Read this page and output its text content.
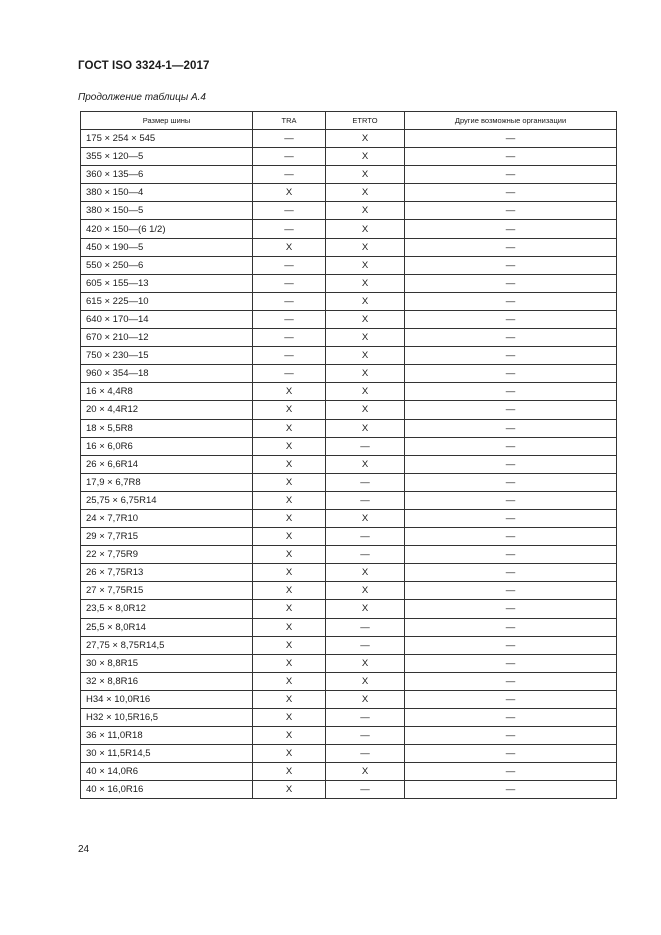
ГОСТ ISO 3324-1—2017
Продолжение таблицы А.4
Размер шины	TRA	ETRTO	Другие возможные организации
175 × 254 × 545	—	X	—
355 × 120—5	—	X	—
360 × 135—6	—	X	—
380 × 150—4	X	X	—
380 × 150—5	—	X	—
420 × 150—(6 1/2)	—	X	—
450 × 190—5	X	X	—
550 × 250—6	—	X	—
605 × 155—13	—	X	—
615 × 225—10	—	X	—
640 × 170—14	—	X	—
670 × 210—12	—	X	—
750 × 230—15	—	X	—
960 × 354—18	—	X	—
16 × 4,4R8	X	X	—
20 × 4,4R12	X	X	—
18 × 5,5R8	X	X	—
16 × 6,0R6	X	—	—
26 × 6,6R14	X	X	—
17,9 × 6,7R8	X	—	—
25,75 × 6,75R14	X	—	—
24 × 7,7R10	X	X	—
29 × 7,7R15	X	—	—
22 × 7,75R9	X	—	—
26 × 7,75R13	X	X	—
27 × 7,75R15	X	X	—
23,5 × 8,0R12	X	X	—
25,5 × 8,0R14	X	—	—
27,75 × 8,75R14,5	X	—	—
30 × 8,8R15	X	X	—
32 × 8,8R16	X	X	—
H34 × 10,0R16	X	X	—
H32 × 10,5R16,5	X	—	—
36 × 11,0R18	X	—	—
30 × 11,5R14,5	X	—	—
40 × 14,0R6	X	X	—
40 × 16,0R16	X	—	—
24
